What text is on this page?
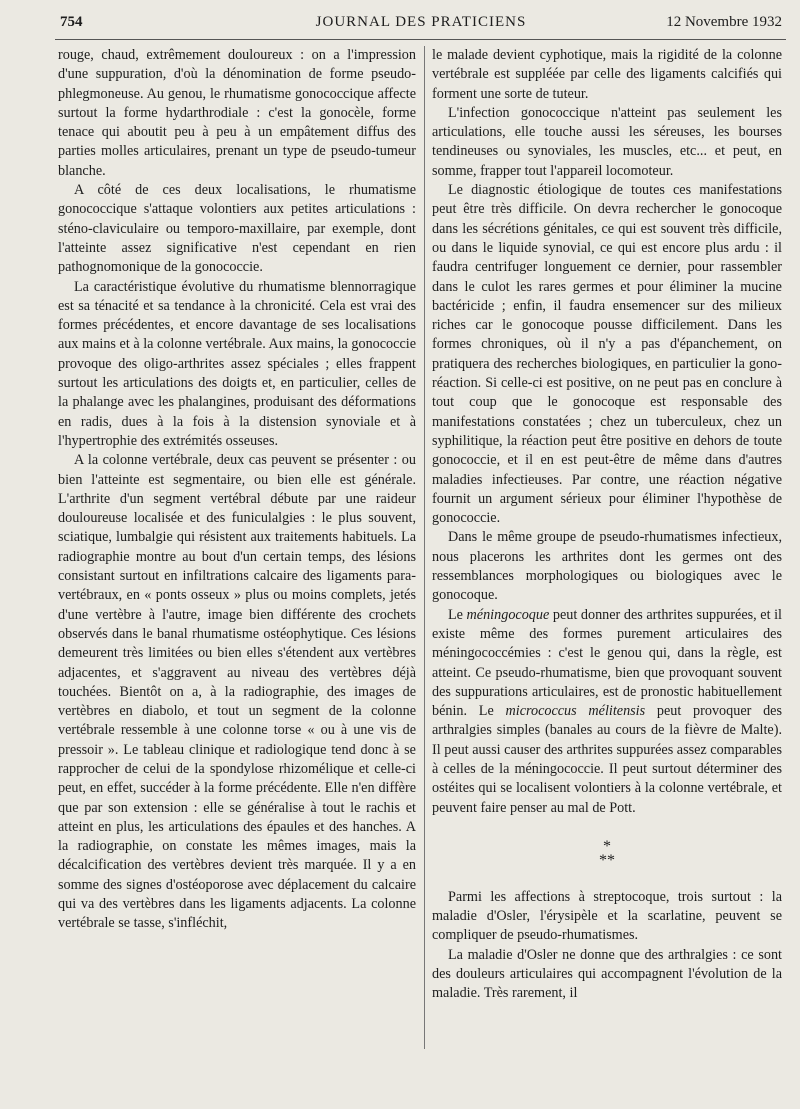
754	JOURNAL DES PRATICIENS	12 Novembre 1932

rouge, chaud, extrêmement douloureux : on a l'impression d'une suppuration, d'où la dénomination de forme pseudo-phlegmoneuse. Au genou, le rhumatisme gonococcique affecte surtout la forme hydarthrodiale : c'est la gonocèle, forme tenace qui aboutit peu à peu à un empâtement diffus des parties molles articulaires, prenant un type de pseudo-tumeur blanche.

A côté de ces deux localisations, le rhumatisme gonococcique s'attaque volontiers aux petites articulations : sténo-claviculaire ou temporo-maxillaire, par exemple, dont l'atteinte assez significative n'est cependant en rien pathognomonique de la gonococcie.

La caractéristique évolutive du rhumatisme blennorragique est sa ténacité et sa tendance à la chronicité. Cela est vrai des formes précédentes, et encore davantage de ses localisations aux mains et à la colonne vertébrale. Aux mains, la gonococcie provoque des oligo-arthrites assez spéciales ; elles frappent surtout les articulations des doigts et, en particulier, celles de la phalange avec les phalangines, produisant des déformations en radis, dues à la fois à la distension synoviale et à l'hypertrophie des extrémités osseuses.

A la colonne vertébrale, deux cas peuvent se présenter : ou bien l'atteinte est segmentaire, ou bien elle est générale. L'arthrite d'un segment vertébral débute par une raideur douloureuse localisée et des funiculalgies : le plus souvent, sciatique, lumbalgie qui résistent aux traitements habituels. La radiographie montre au bout d'un certain temps, des lésions consistant surtout en infiltrations calcaire des ligaments para-vertébraux, en « ponts osseux » plus ou moins complets, jetés d'une vertèbre à l'autre, image bien différente des crochets observés dans le banal rhumatisme ostéophytique. Ces lésions demeurent très limitées ou bien elles s'étendent aux vertèbres adjacentes, et s'aggravent au niveau des vertèbres déjà touchées. Bientôt on a, à la radiographie, des images de vertèbres en diabolo, et tout un segment de la colonne vertébrale ressemble à une colonne torse « ou à une vis de pressoir ». Le tableau clinique et radiologique tend donc à se rapprocher de celui de la spondylose rhizomélique et celle-ci peut, en effet, succéder à la forme précédente. Elle n'en diffère que par son extension : elle se généralise à tout le rachis et atteint en plus, les articulations des épaules et des hanches. A la radiographie, on constate les mêmes images, mais la décalcification des vertèbres devient très marquée. Il y a en somme des signes d'ostéoporose avec déplacement du calcaire qui va des vertèbres dans les ligaments adjacents. La colonne vertébrale se tasse, s'infléchit,

le malade devient cyphotique, mais la rigidité de la colonne vertébrale est suppléée par celle des ligaments calcifiés qui forment une sorte de tuteur.

L'infection gonococcique n'atteint pas seulement les articulations, elle touche aussi les séreuses, les bourses tendineuses ou synoviales, les muscles, etc... et peut, en somme, frapper tout l'appareil locomoteur.

Le diagnostic étiologique de toutes ces manifestations peut être très difficile. On devra rechercher le gonocoque dans les sécrétions génitales, ce qui est souvent très difficile, ou dans le liquide synovial, ce qui est encore plus ardu : il faudra centrifuger longuement ce dernier, pour rassembler dans le culot les rares germes et pour éliminer la mucine bactéricide ; enfin, il faudra ensemencer sur des milieux riches car le gonocoque pousse difficilement. Dans les formes chroniques, où il n'y a pas d'épanchement, on pratiquera des recherches biologiques, en particulier la gono-réaction. Si celle-ci est positive, on ne peut pas en conclure à tout coup que le gonocoque est responsable des manifestations constatées ; chez un tuberculeux, chez un syphilitique, la réaction peut être positive en dehors de toute gonococcie, et il en est peut-être de même dans d'autres maladies infectieuses. Par contre, une réaction négative fournit un argument sérieux pour éliminer l'hypothèse de gonococcie.

Dans le même groupe de pseudo-rhumatismes infectieux, nous placerons les arthrites dont les germes ont des ressemblances morphologiques ou biologiques avec le gonocoque.

Le méningocoque peut donner des arthrites suppurées, et il existe même des formes purement articulaires des méningococcémies : c'est le genou qui, dans la règle, est atteint. Ce pseudo-rhumatisme, bien que provoquant souvent des suppurations articulaires, est de pronostic habituellement bénin. Le micrococcus mélitensis peut provoquer des arthralgies simples (banales au cours de la fièvre de Malte). Il peut aussi causer des arthrites suppurées assez comparables à celles de la méningococcie. Il peut surtout déterminer des ostéites qui se localisent volontiers à la colonne vertébrale, et peuvent faire penser au mal de Pott.

*
**

Parmi les affections à streptocoque, trois surtout : la maladie d'Osler, l'érysipèle et la scarlatine, peuvent se compliquer de pseudo-rhumatismes.

La maladie d'Osler ne donne que des arthralgies : ce sont des douleurs articulaires qui accompagnent l'évolution de la maladie. Très rarement, il
